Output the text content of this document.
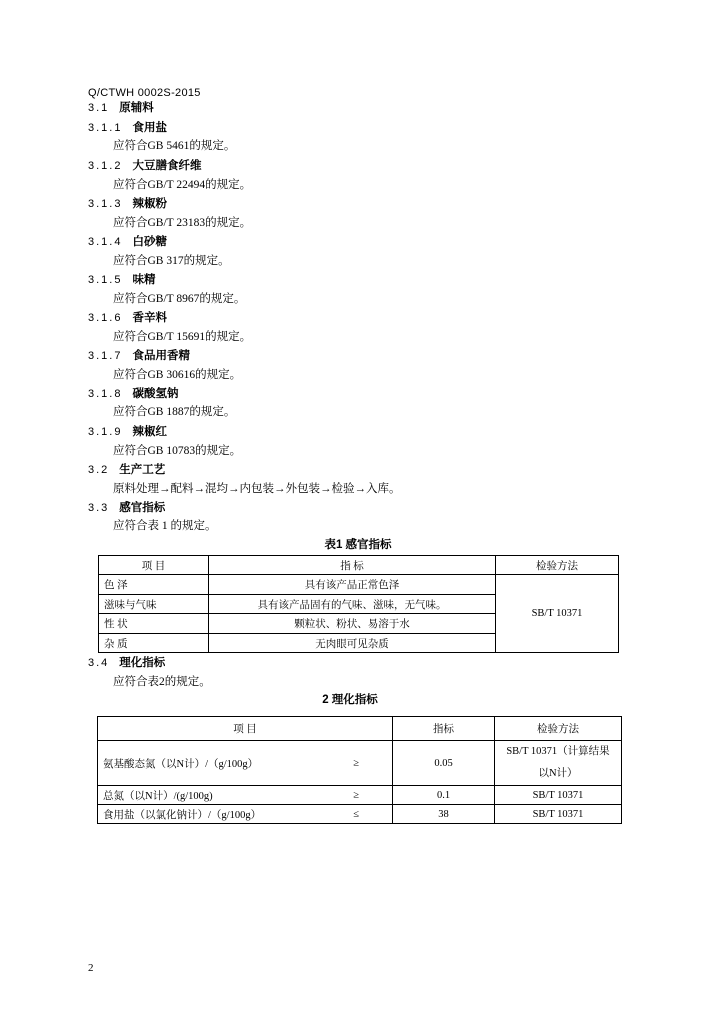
Q/CTWH 0002S-2015
3.1 原辅料
3.1.1 食用盐
应符合GB 5461的规定。
3.1.2 大豆膳食纤维
应符合GB/T 22494的规定。
3.1.3 辣椒粉
应符合GB/T 23183的规定。
3.1.4 白砂糖
应符合GB 317的规定。
3.1.5 味精
应符合GB/T 8967的规定。
3.1.6 香辛料
应符合GB/T 15691的规定。
3.1.7 食品用香精
应符合GB 30616的规定。
3.1.8 碳酸氢钠
应符合GB 1887的规定。
3.1.9 辣椒红
应符合GB 10783的规定。
3.2 生产工艺
原料处理→配料→混均→内包装→外包装→检验→入库。
3.3 感官指标
应符合表 1 的规定。
表1 感官指标
项 目	指 标	检验方法
色 泽	具有该产品正常色泽	SB/T 10371
滋味与气味	具有该产品固有的气味、滋味，无气味。	
性 状	颗粒状、粉状、易溶于水	
杂 质	无肉眼可见杂质	
3.4 理化指标
应符合表2的规定。
2 理化指标
项 目	指标	检验方法

氨基酸态氮（以N计）/（g/100g） ≥	0.05	SB/T 10371（计算结果
以N计）

总氮（以N计）/(g/100g) ≥	0.1	SB/T 10371

食用盐（以氯化钠计）/（g/100g） ≤	38	SB/T 10371
2
